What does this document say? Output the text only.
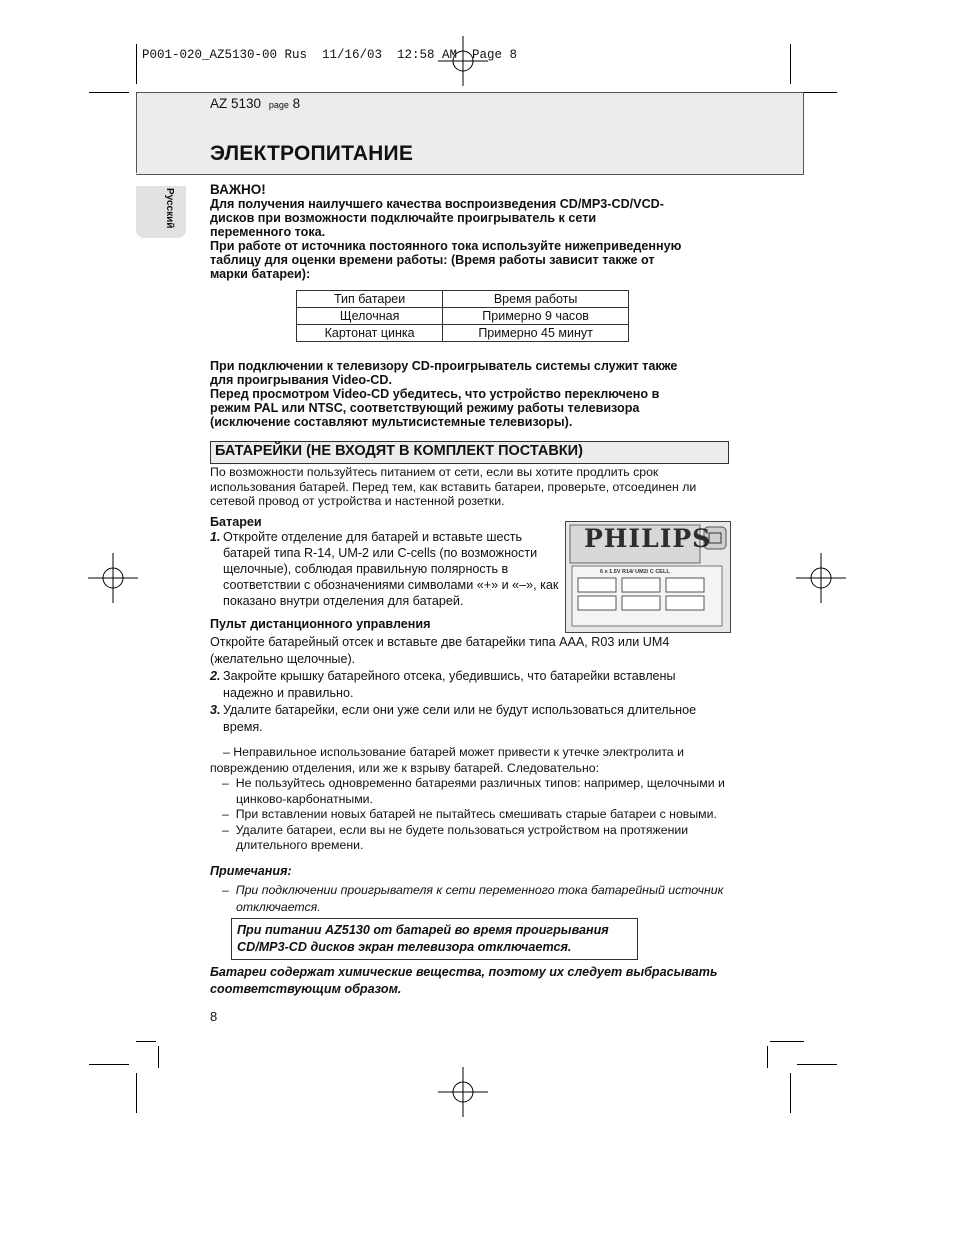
P001-020_AZ5130-00 Rus  11/16/03  12:58 AM  Page 8
AZ 5130 page 8
ЭЛЕКТРОПИТАНИЕ
Русский	ВАЖНО!
Для получения наилучшего качества воспроизведения CD/MP3-CD/VCD-
дисков при возможности подключайте проигрыватель к сети
переменного тока.
При работе от источника постоянного тока используйте нижеприведенную
таблицу для оценки времени работы: (Время работы зависит также от
марки батареи):
Тип батареи	Время работы
Щелочная	Примерно 9 часов
Картонат цинка	Примерно 45 минут
При подключении к телевизору CD-проигрыватель системы служит также
для проигрывания Video-CD.
Перед просмотром Video-CD убедитесь, что устройство переключено в
режим PAL или NTSC, соответствующий режиму работы телевизора
(исключение составляют мультисистемные телевизоры).
БАТАРЕЙКИ (НЕ ВХОДЯТ В КОМПЛЕКТ ПОСТАВКИ)
По возможности пользуйтесь питанием от сети, если вы хотите продлить срок
использования батарей. Перед тем, как вставить батареи, проверьте, отсоединен ли
сетевой провод от устройства и настенной розетки.
Батареи
1. Откройте отделение для батарей и вставьте шесть
батарей типа R-14, UM-2 или C-cells (по возможности
щелочные), соблюдая правильную полярность в
соответствии с обозначениями символами «+» и «–», как
показано внутри отделения для батарей.
PHILIPS
6 x 1.5V R14/ UM2/ C CELL
Пульт дистанционного управления
Откройте батарейный отсек и вставьте две батарейки типа AAA, R03 или UM4
(желательно щелочные).
2. Закройте крышку батарейного отсека, убедившись, что батарейки вставлены
надежно и правильно.
3. Удалите батарейки, если они уже сели или не будут использоваться длительное
время.
– Неправильное использование батарей может привести к утечке электролита и
повреждению отделения, или же к взрыву батарей. Следовательно:
–  Не пользуйтесь одновременно батареями различных типов: например, щелочными и
цинково-карбонатными.
–  При вставлении новых батарей не пытайтесь смешивать старые батареи с новыми.
–  Удалите батареи, если вы не будете пользоваться устройством на протяжении
длительного времени.
Примечания:
–  При подключении проигрывателя к сети переменного тока батарейный источник
отключается.
При питании AZ5130 от батарей во время проигрывания
CD/MP3-CD дисков экран телевизора отключается.
Батареи содержат химические вещества, поэтому их следует выбрасывать
соответствующим образом.
8
